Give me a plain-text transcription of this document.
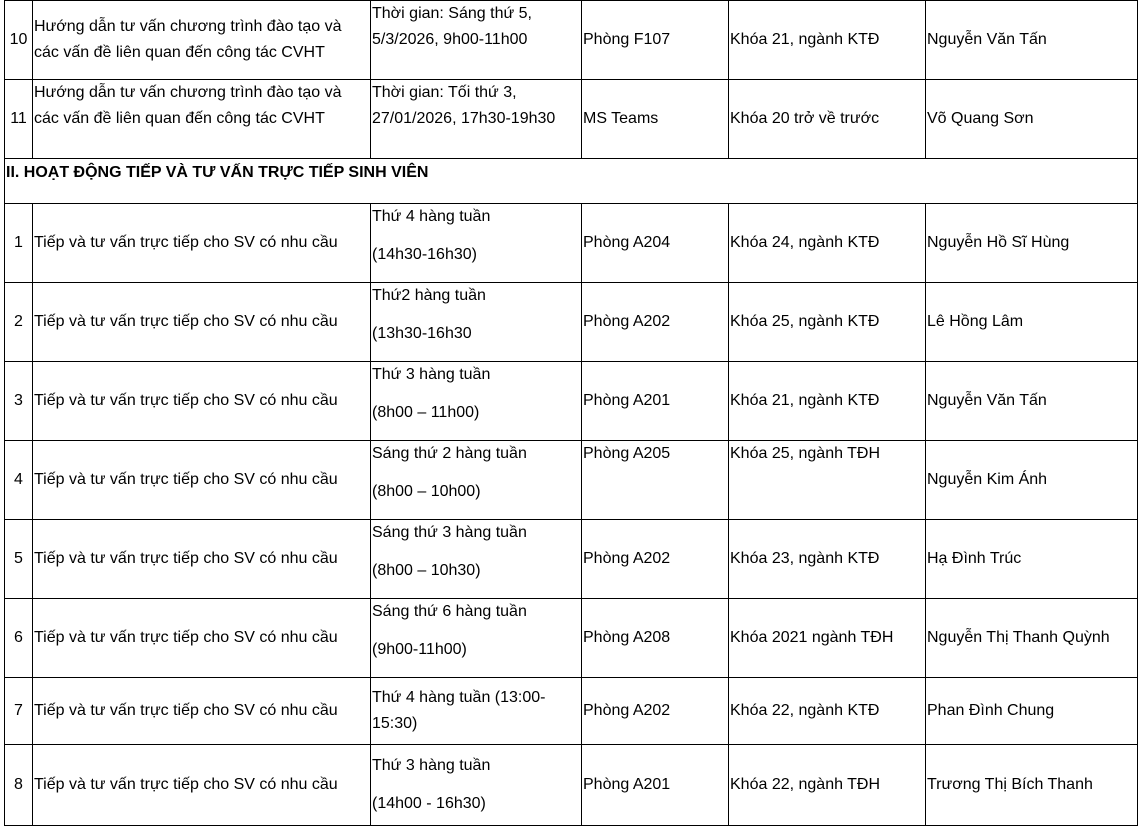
10	Hướng dẫn tư vấn chương trình đào tạo và các vấn đề liên quan đến công tác CVHT	Thời gian: Sáng thứ 5,
5/3/2026, 9h00-11h00	Phòng F107	Khóa 21, ngành KTĐ	Nguyễn Văn Tấn
11	Hướng dẫn tư vấn chương trình đào tạo và các vấn đề liên quan đến công tác CVHT	Thời gian: Tối thứ 3,
27/01/2026, 17h30-19h30	MS Teams	Khóa 20 trở về trước	Võ Quang Sơn
II. HOẠT ĐỘNG TIẾP VÀ TƯ VẤN TRỰC TIẾP SINH VIÊN					
1	Tiếp và tư vấn trực tiếp cho SV có nhu cầu	Thứ 4 hàng tuần
(14h30-16h30)	Phòng A204	Khóa 24, ngành KTĐ	Nguyễn Hồ Sĩ Hùng
2	Tiếp và tư vấn trực tiếp cho SV có nhu cầu	Thứ2 hàng tuần
(13h30-16h30	Phòng A202	Khóa 25, ngành KTĐ	Lê Hồng Lâm
3	Tiếp và tư vấn trực tiếp cho SV có nhu cầu	Thứ 3 hàng tuần
(8h00 – 11h00)	Phòng A201	Khóa 21, ngành KTĐ	Nguyễn Văn Tấn
4	Tiếp và tư vấn trực tiếp cho SV có nhu cầu	Sáng thứ 2 hàng tuần
(8h00 – 10h00)	Phòng A205	Khóa 25, ngành TĐH	Nguyễn Kim Ánh
5	Tiếp và tư vấn trực tiếp cho SV có nhu cầu	Sáng thứ 3 hàng tuần
(8h00 – 10h30)	Phòng A202	Khóa 23, ngành KTĐ	Hạ Đình Trúc
6	Tiếp và tư vấn trực tiếp cho SV có nhu cầu	Sáng thứ 6 hàng tuần
(9h00-11h00)	Phòng A208	Khóa 2021 ngành TĐH	Nguyễn Thị Thanh Quỳnh
7	Tiếp và tư vấn trực tiếp cho SV có nhu cầu	Thứ 4 hàng tuần (13:00-
15:30)	Phòng A202	Khóa 22, ngành KTĐ	Phan Đình Chung
8	Tiếp và tư vấn trực tiếp cho SV có nhu cầu	Thứ 3 hàng tuần
(14h00 - 16h30)	Phòng A201	Khóa 22, ngành TĐH	Trương Thị Bích Thanh
